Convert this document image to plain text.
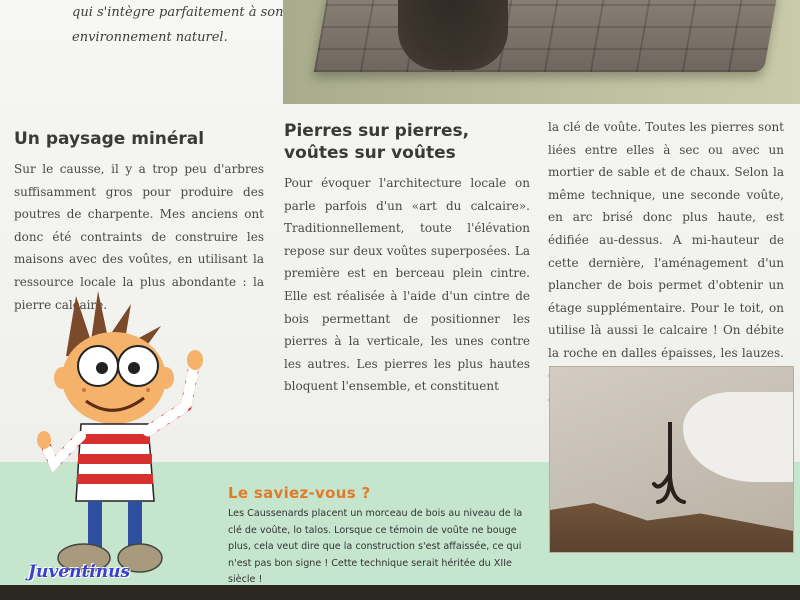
qui s'intègre parfaitement à son environnement naturel.
Un paysage minéral

Sur le causse, il y a trop peu d'arbres suffisamment gros pour produire des poutres de charpente. Mes anciens ont donc été contraints de construire les maisons avec des voûtes, en utilisant la ressource locale la plus abondante : la pierre calcaire.

Pierres sur pierres,
voûtes sur voûtes

Pour évoquer l'architecture locale on parle parfois d'un «art du calcaire». Traditionnellement, toute l'élévation repose sur deux voûtes superposées. La première est en berceau plein cintre. Elle est réalisée à l'aide d'un cintre de bois permettant de positionner les pierres à la verticale, les unes contre les autres. Les pierres les plus hautes bloquent l'ensemble, et constituent

la clé de voûte. Toutes les pierres sont liées entre elles à sec ou avec un mortier de sable et de chaux. Selon la même technique, une seconde voûte, en arc brisé donc plus haute, est édifiée au-dessus. A mi-hauteur de cette dernière, l'aménagement d'un plancher de bois permet d'obtenir un étage supplémentaire. Pour le toit, on utilise là aussi le calcaire ! On débite la roche en dalles épaisses, les lauzes.

Le saviez-vous ?
Les Caussenards placent un morceau de bois au niveau de la clé de voûte, lo talos. Lorsque ce témoin de voûte ne bouge plus, cela veut dire que la construction s'est affaissée, ce qui n'est pas bon signe ! Cette technique serait héritée du XIIe siècle !
Juventinus
